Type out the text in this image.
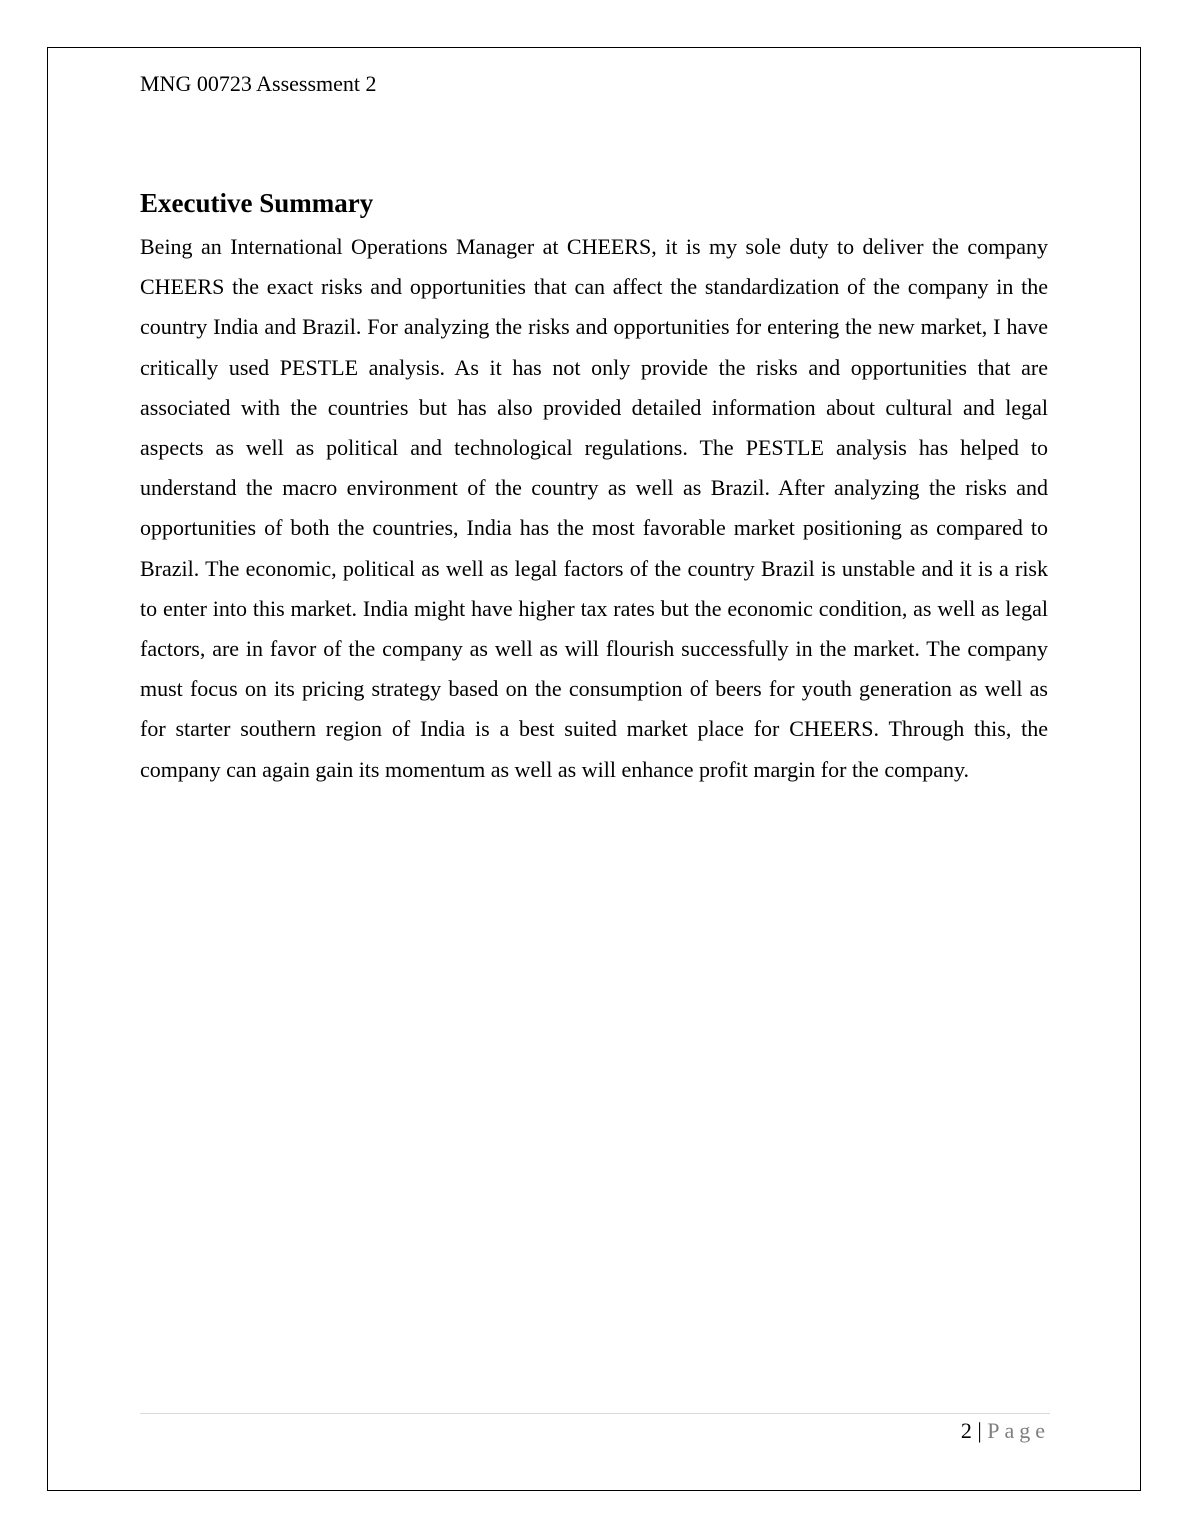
MNG 00723 Assessment 2
Executive Summary

Being an International Operations Manager at CHEERS, it is my sole duty to deliver the company CHEERS the exact risks and opportunities that can affect the standardization of the company in the country India and Brazil. For analyzing the risks and opportunities for entering the new market, I have critically used PESTLE analysis. As it has not only provide the risks and opportunities that are associated with the countries but has also provided detailed information about cultural and legal aspects as well as political and technological regulations. The PESTLE analysis has helped to understand the macro environment of the country as well as Brazil. After analyzing the risks and opportunities of both the countries, India has the most favorable market positioning as compared to Brazil. The economic, political as well as legal factors of the country Brazil is unstable and it is a risk to enter into this market. India might have higher tax rates but the economic condition, as well as legal factors, are in favor of the company as well as will flourish successfully in the market. The company must focus on its pricing strategy based on the consumption of beers for youth generation as well as for starter southern region of India is a best suited market place for CHEERS. Through this, the company can again gain its momentum as well as will enhance profit margin for the company.

2 | Page
